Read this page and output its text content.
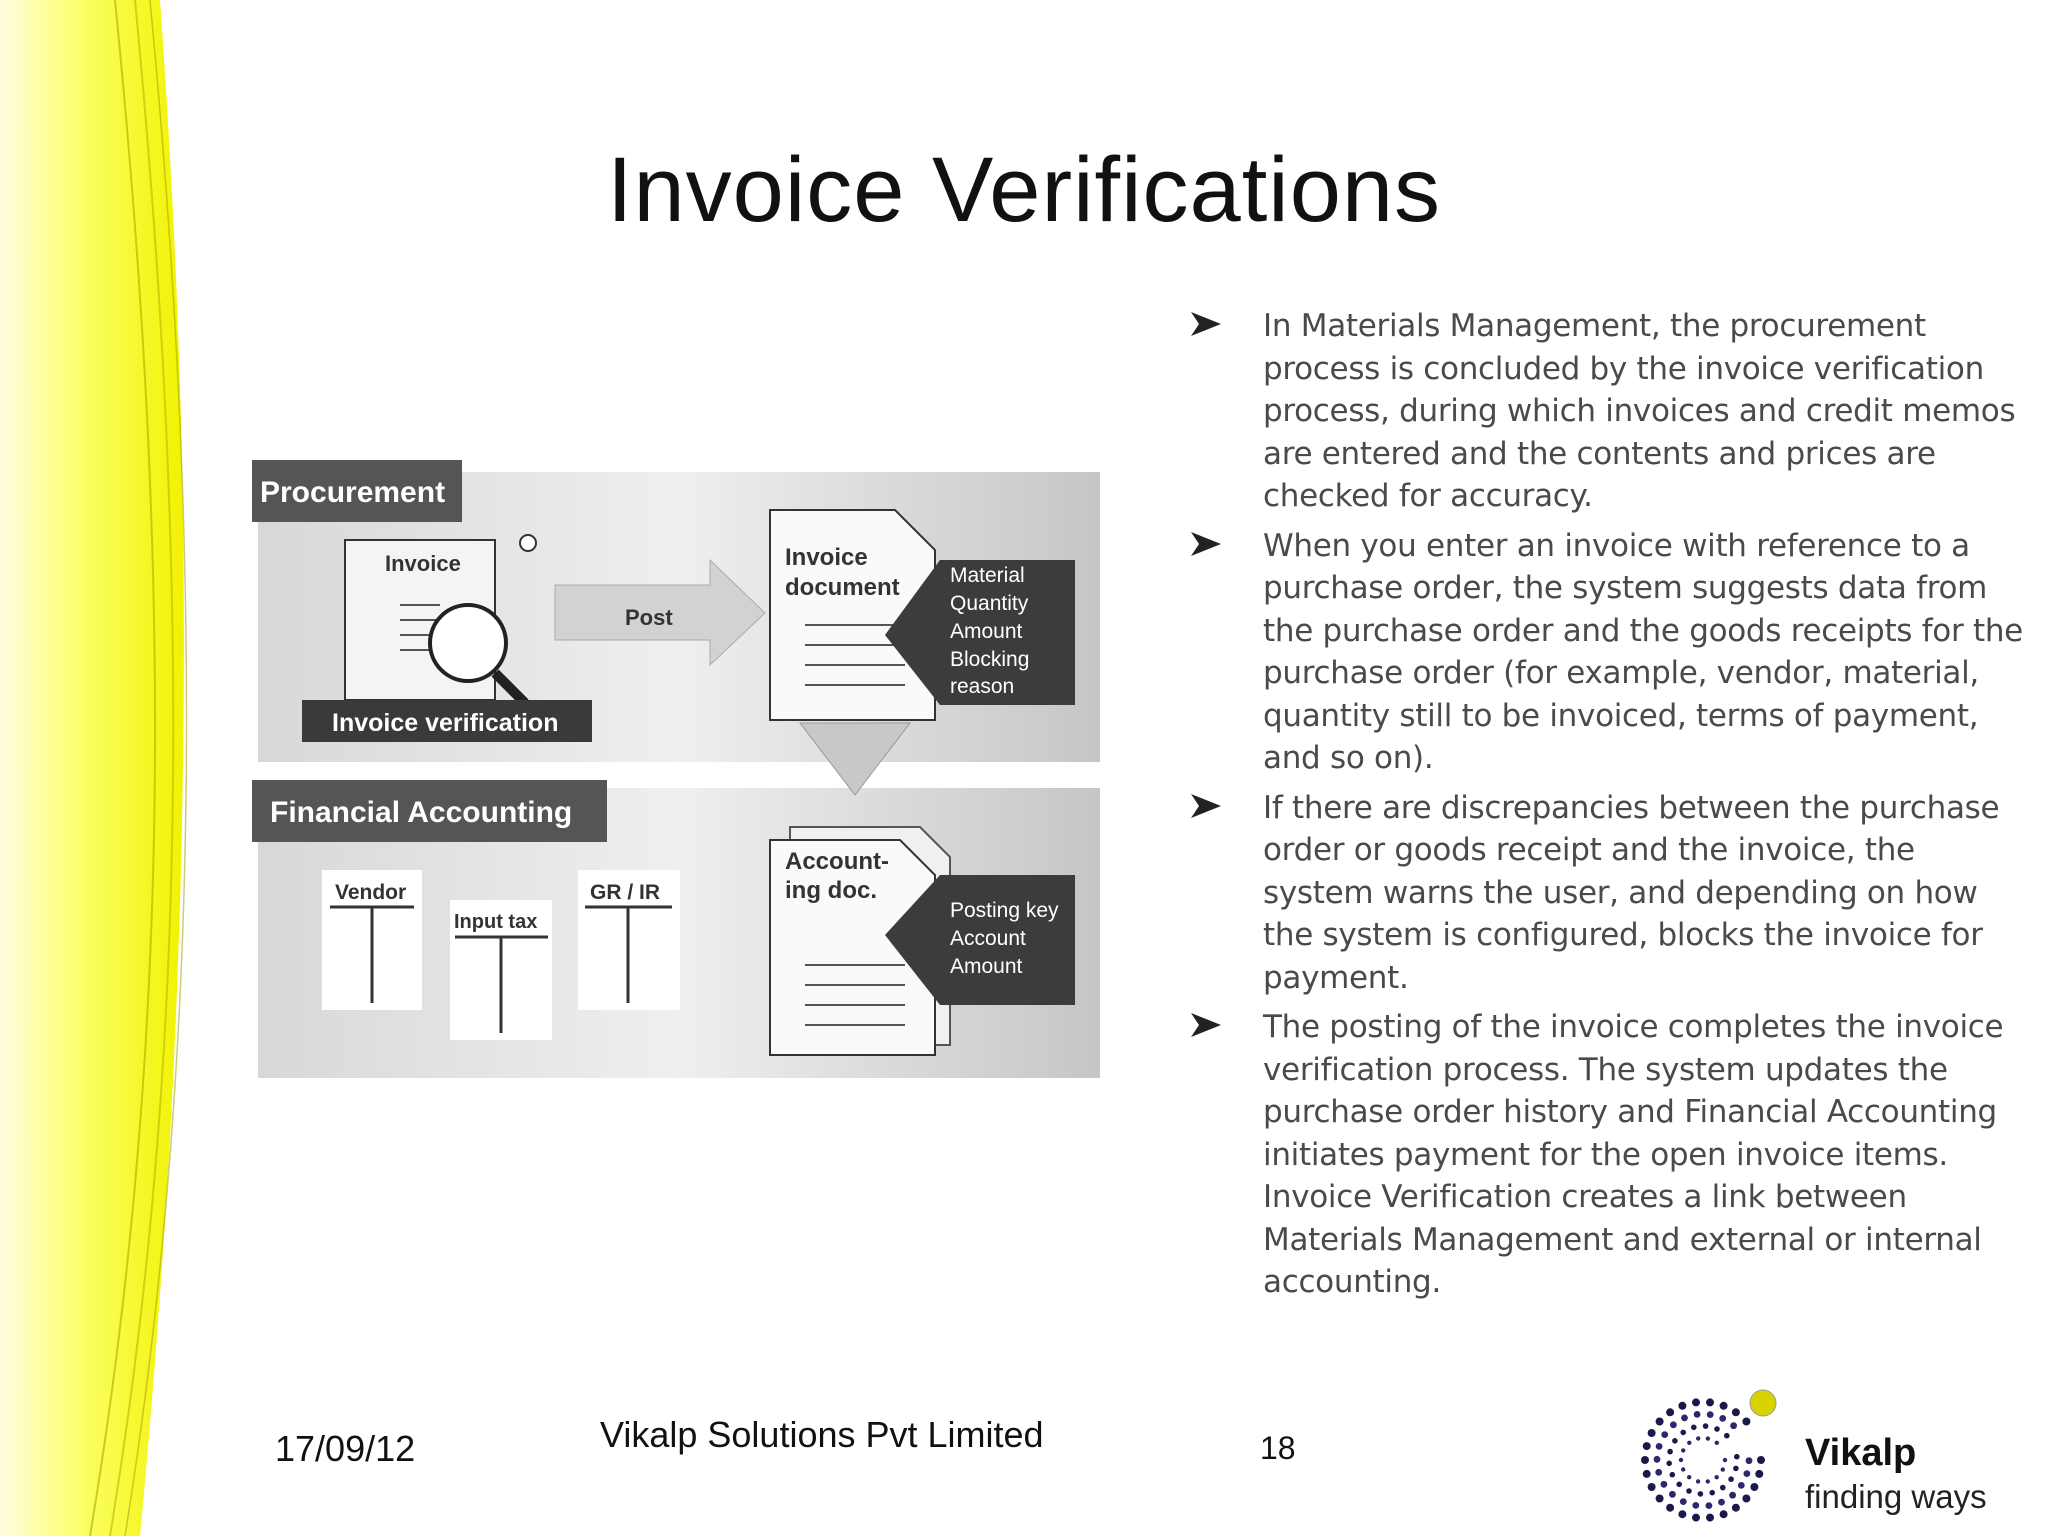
Invoice Verifications
Procurement
Invoice
Invoice verification
Post
Invoice
document Material
Quantity
Amount
Blocking
reason
Financial Accounting
Vendor
Input tax
GR / IR
Account-
ing doc.
Posting key
Account
Amount
In Materials Management, the procurement process is concluded by the invoice verification process, during which invoices and credit memos are entered and the contents and prices are checked for accuracy.
When you enter an invoice with reference to a purchase order, the system suggests data from the purchase order and the goods receipts for the purchase order (for example, vendor, material, quantity still to be invoiced, terms of payment, and so on).
If there are discrepancies between the purchase order or goods receipt and the invoice, the system warns the user, and depending on how the system is configured, blocks the invoice for payment.
The posting of the invoice completes the invoice verification process. The system updates the purchase order history and Financial Accounting initiates payment for the open invoice items. Invoice Verification creates a link between Materials Management and external or internal accounting.
17/09/12	Vikalp Solutions Pvt Limited	18	Vikalp
finding ways
